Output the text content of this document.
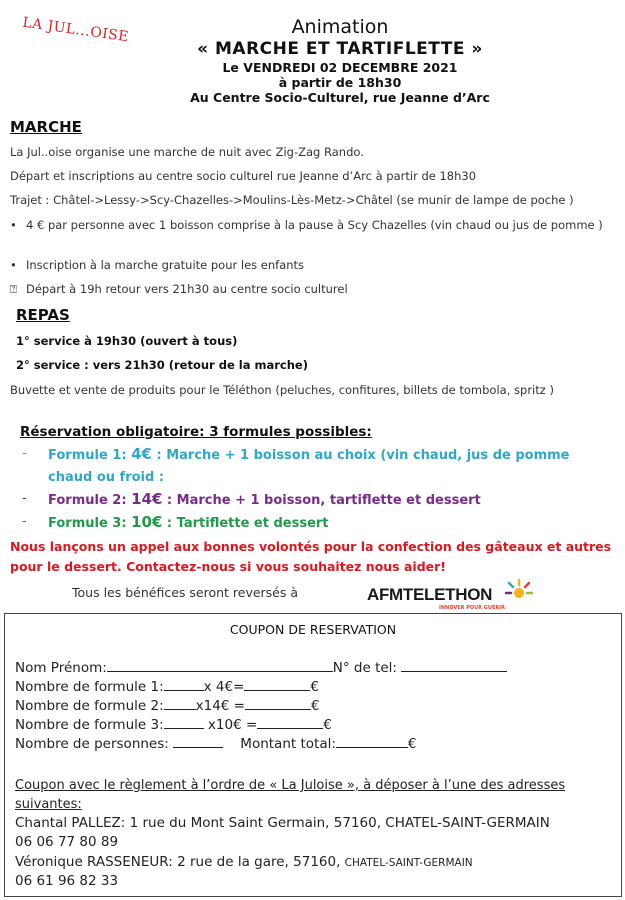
LA JUL...OISE	Animation
« MARCHE ET TARTIFLETTE »
Le VENDREDI 02 DECEMBRE 2021
à partir de 18h30
Au Centre Socio-Culturel, rue Jeanne d’Arc
MARCHE
La Jul..oise organise une marche de nuit avec Zig-Zag Rando.
Départ et inscriptions au centre socio culturel rue Jeanne d’Arc à partir de 18h30
Trajet : Châtel->Lessy->Scy-Chazelles->Moulins-Lès-Metz->Châtel (se munir de lampe de poche )
• 4 € par personne avec 1 boisson comprise à la pause à Scy Chazelles (vin chaud ou jus de pomme )
• Inscription à la marche gratuite pour les enfants
⍰ Départ à 19h retour vers 21h30 au centre socio culturel
REPAS
1° service à 19h30 (ouvert à tous)
2° service : vers 21h30 (retour de la marche)
Buvette et vente de produits pour le Téléthon (peluches, confitures, billets de tombola, spritz )
Réservation obligatoire: 3 formules possibles:
- Formule 1: 4€ : Marche + 1 boisson au choix (vin chaud, jus de pomme chaud ou froid :
- Formule 2: 14€ : Marche + 1 boisson, tartiflette et dessert
- Formule 3: 10€ : Tartiflette et dessert
Nous lançons un appel aux bonnes volontés pour la confection des gâteaux et autres pour le dessert. Contactez-nous si vous souhaitez nous aider!
Tous les bénéfices seront reversés à	AFMTELETHON
INNOVER POUR GUÉRIR
COUPON DE RESERVATION
Nom Prénom:	N° de tel:
Nombre de formule 1:	x 4€=	€
Nombre de formule 2: x14€ =	€
Nombre de formule 3:	x10€ =	€
Nombre de personnes:	Montant total:	€
Coupon avec le règlement à l’ordre de « La Juloise », à déposer à l’une des adresses suivantes:
Chantal PALLEZ: 1 rue du Mont Saint Germain, 57160, CHATEL-SAINT-GERMAIN
06 06 77 80 89
Véronique RASSENEUR: 2 rue de la gare, 57160, CHATEL-SAINT-GERMAIN
06 61 96 82 33
